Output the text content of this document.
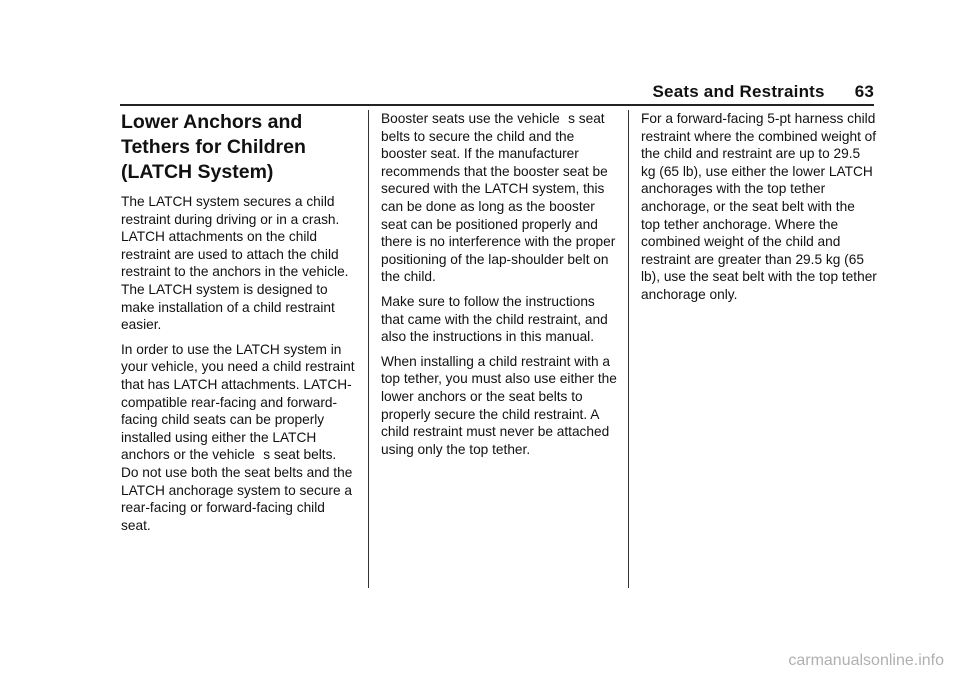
Seats and Restraints 63
Lower Anchors and Tethers for Children (LATCH System)

The LATCH system secures a child restraint during driving or in a crash. LATCH attachments on the child restraint are used to attach the child restraint to the anchors in the vehicle. The LATCH system is designed to make installation of a child restraint easier.

In order to use the LATCH system in your vehicle, you need a child restraint that has LATCH attachments. LATCH-compatible rear-facing and forward-facing child seats can be properly installed using either the LATCH anchors or the vehicles seat belts. Do not use both the seat belts and the LATCH anchorage system to secure a rear-facing or forward-facing child seat.

Booster seats use the vehicles seat belts to secure the child and the booster seat. If the manufacturer recommends that the booster seat be secured with the LATCH system, this can be done as long as the booster seat can be positioned properly and there is no interference with the proper positioning of the lap-shoulder belt on the child.

Make sure to follow the instructions that came with the child restraint, and also the instructions in this manual.

When installing a child restraint with a top tether, you must also use either the lower anchors or the seat belts to properly secure the child restraint. A child restraint must never be attached using only the top tether.

For a forward-facing 5-pt harness child restraint where the combined weight of the child and restraint are up to 29.5 kg (65 lb), use either the lower LATCH anchorages with the top tether anchorage, or the seat belt with the top tether anchorage. Where the combined weight of the child and restraint are greater than 29.5 kg (65 lb), use the seat belt with the top tether anchorage only.

carmanualsonline.info
